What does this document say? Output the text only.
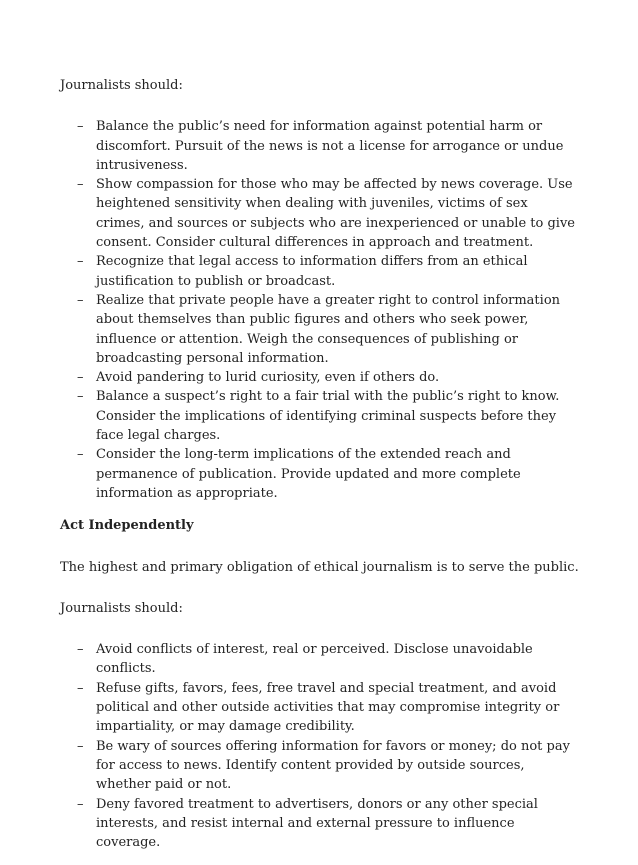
Journalists should:

– Balance the public’s need for information against potential harm or discomfort. Pursuit of the news is not a license for arrogance or undue intrusiveness.
– Show compassion for those who may be affected by news coverage. Use heightened sensitivity when dealing with juveniles, victims of sex crimes, and sources or subjects who are inexperienced or unable to give consent. Consider cultural differences in approach and treatment.
– Recognize that legal access to information differs from an ethical justification to publish or broadcast.
– Realize that private people have a greater right to control information about themselves than public figures and others who seek power, influence or attention. Weigh the consequences of publishing or broadcasting personal information.
– Avoid pandering to lurid curiosity, even if others do.
– Balance a suspect’s right to a fair trial with the public’s right to know. Consider the implications of identifying criminal suspects before they face legal charges.
– Consider the long-term implications of the extended reach and permanence of publication. Provide updated and more complete information as appropriate.
Act Independently

The highest and primary obligation of ethical journalism is to serve the public.

Journalists should:

– Avoid conflicts of interest, real or perceived. Disclose unavoidable conflicts.
– Refuse gifts, favors, fees, free travel and special treatment, and avoid political and other outside activities that may compromise integrity or impartiality, or may damage credibility.
– Be wary of sources offering information for favors or money; do not pay for access to news. Identify content provided by outside sources, whether paid or not.
– Deny favored treatment to advertisers, donors or any other special interests, and resist internal and external pressure to influence coverage.
